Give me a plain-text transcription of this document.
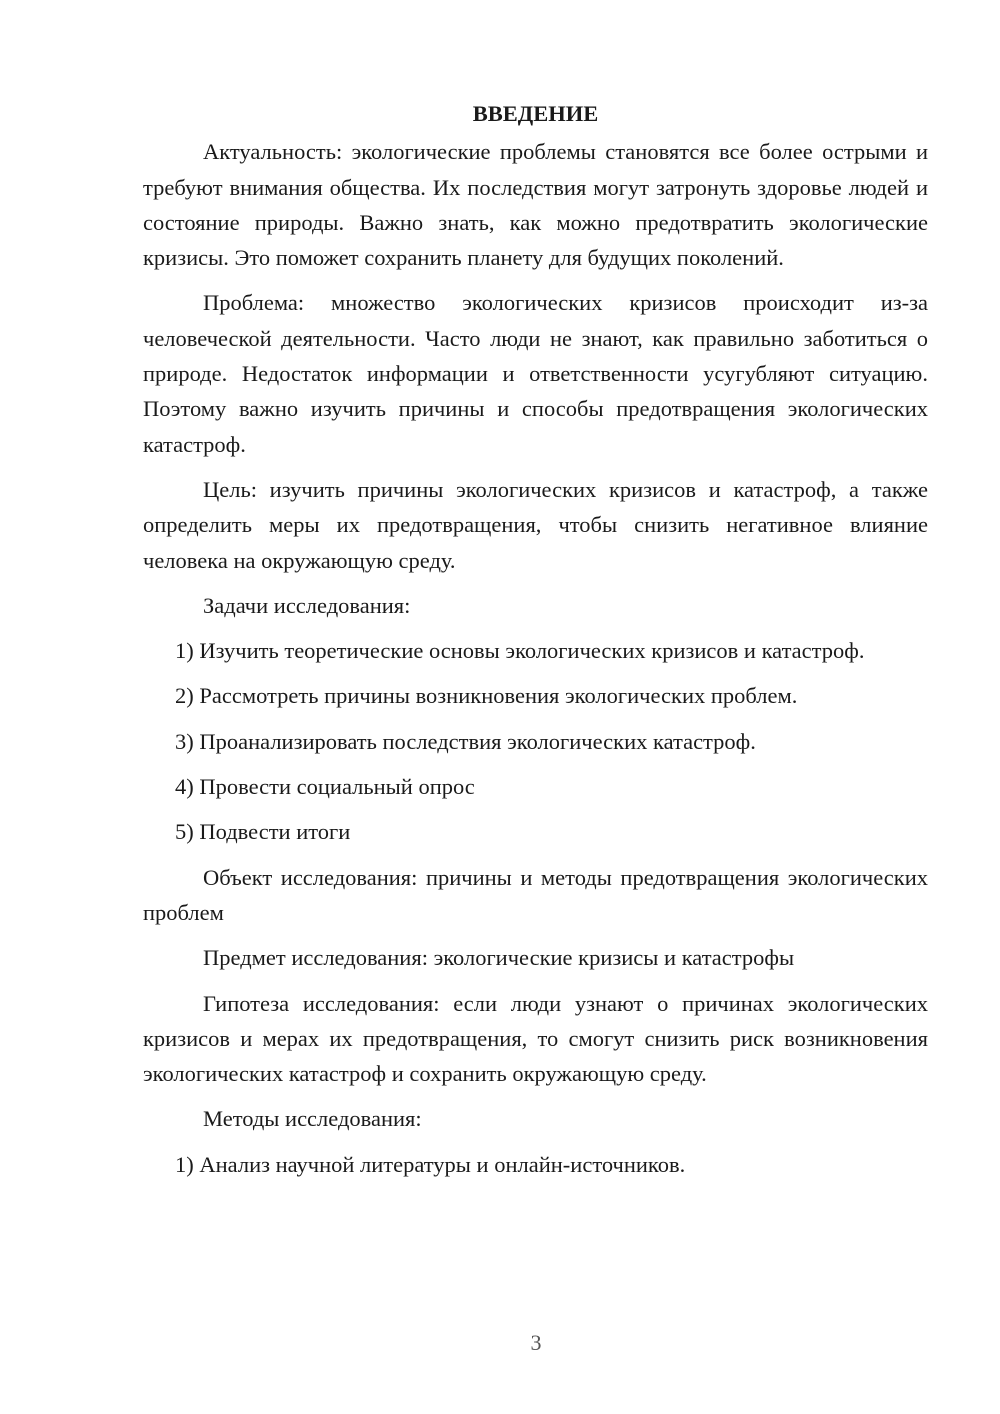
ВВЕДЕНИЕ

Актуальность: экологические проблемы становятся все более острыми и требуют внимания общества. Их последствия могут затронуть здоровье людей и состояние природы. Важно знать, как можно предотвратить экологические кризисы. Это поможет сохранить планету для будущих поколений.

Проблема: множество экологических кризисов происходит из-за человеческой деятельности. Часто люди не знают, как правильно заботиться о природе. Недостаток информации и ответственности усугубляют ситуацию. Поэтому важно изучить причины и способы предотвращения экологических катастроф.

Цель: изучить причины экологических кризисов и катастроф, а также определить меры их предотвращения, чтобы снизить негативное влияние человека на окружающую среду.

Задачи исследования:

1) Изучить теоретические основы экологических кризисов и катастроф.

2) Рассмотреть причины возникновения экологических проблем.

3) Проанализировать последствия экологических катастроф.

4) Провести социальный опрос

5) Подвести итоги

Объект исследования: причины и методы предотвращения экологических проблем

Предмет исследования: экологические кризисы и катастрофы

Гипотеза исследования: если люди узнают о причинах экологических кризисов и мерах их предотвращения, то смогут снизить риск возникновения экологических катастроф и сохранить окружающую среду.

Методы исследования:

1) Анализ научной литературы и онлайн-источников.

3
